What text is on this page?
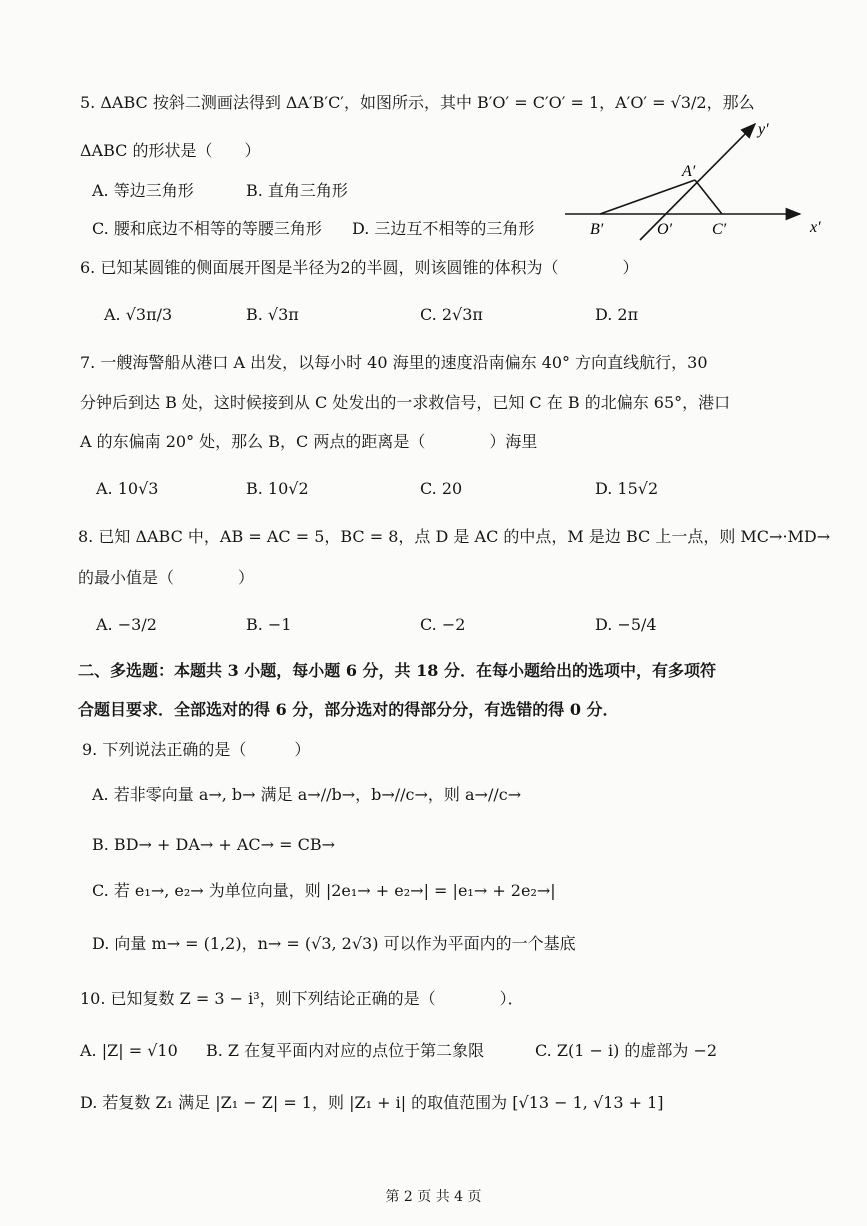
5. ΔABC 按斜二测画法得到 ΔA′B′C′，如图所示，其中 B′O′ = C′O′ = 1，A′O′ = √3/2，那么
ΔABC 的形状是（　　）
A. 等边三角形	B. 直角三角形
C. 腰和底边不相等的等腰三角形 D. 三边互不相等的三角形
y′
x′
A′
B′	O′ C′
6. 已知某圆锥的侧面展开图是半径为2的半圆，则该圆锥的体积为（　　　　）
A. √3π/3	B. √3π	C. 2√3π	D. 2π
7. 一艘海警船从港口 A 出发，以每小时 40 海里的速度沿南偏东 40° 方向直线航行，30
分钟后到达 B 处，这时候接到从 C 处发出的一求救信号，已知 C 在 B 的北偏东 65°，港口
A 的东偏南 20° 处，那么 B，C 两点的距离是（　　　　）海里
A. 10√3	B. 10√2	C. 20	D. 15√2
8. 已知 ΔABC 中，AB = AC = 5，BC = 8，点 D 是 AC 的中点，M 是边 BC 上一点，则 MC→·MD→
的最小值是（　　　　）
A. −3/2	B. −1	C. −2	D. −5/4
二、多选题：本题共 3 小题，每小题 6 分，共 18 分．在每小题给出的选项中，有多项符
合题目要求．全部选对的得 6 分，部分选对的得部分分，有选错的得 0 分．
9. 下列说法正确的是（　　　）
A. 若非零向量 a→, b→ 满足 a→//b→，b→//c→，则 a→//c→
B. BD→ + DA→ + AC→ = CB→
C. 若 e₁→, e₂→ 为单位向量，则 |2e₁→ + e₂→| = |e₁→ + 2e₂→|
D. 向量 m→ = (1,2)，n→ = (√3, 2√3) 可以作为平面内的一个基底
10. 已知复数 Z = 3 − i³，则下列结论正确的是（　　　　）．
A. |Z| = √10 B. Z 在复平面内对应的点位于第二象限	C. Z(1 − i) 的虚部为 −2
D. 若复数 Z₁ 满足 |Z₁ − Z| = 1，则 |Z₁ + i| 的取值范围为 [√13 − 1, √13 + 1]
第 2 页 共 4 页
